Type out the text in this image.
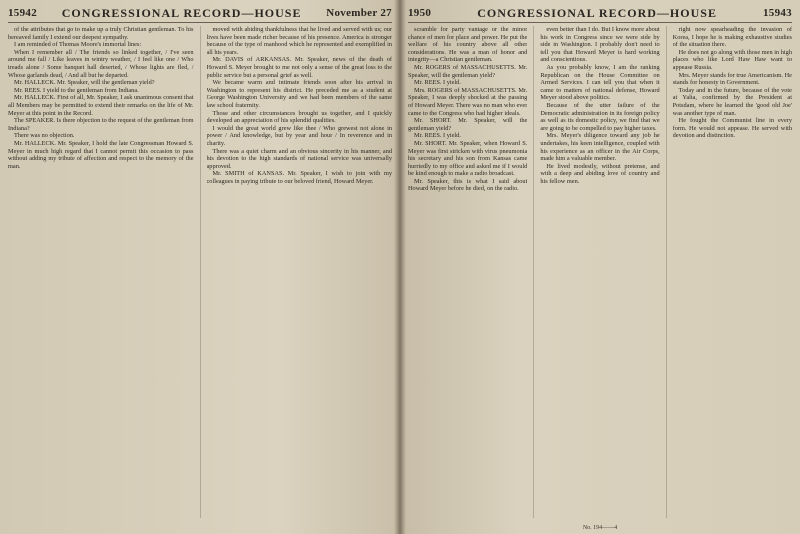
15942 CONGRESSIONAL RECORD—HOUSE November 27

of the attributes that go to make up a truly Christian gentleman. To his bereaved family I extend our deepest sympathy.

I am reminded of Thomas Moore's immortal lines:

When I remember all / The friends so linked together, / I've seen around me fall / Like leaves in wintry weather, / I feel like one / Who treads alone / Some banquet hall deserted, / Whose lights are fled, / Whose garlands dead, / And all but he departed.

Mr. HALLECK. Mr. Speaker, will the gentleman yield?

Mr. REES. I yield to the gentleman from Indiana.

Mr. HALLECK. First of all, Mr. Speaker, I ask unanimous consent that all Members may be permitted to extend their remarks on the life of Mr. Meyer at this point in the Record.

The SPEAKER. Is there objection to the request of the gentleman from Indiana?

There was no objection.

Mr. HALLECK. Mr. Speaker, I hold the late Congressman Howard S. Meyer in much high regard that I cannot permit this occasion to pass without adding my tribute of affection and respect to the memory of the man.

moved with abiding thankfulness that he lived and served with us; our lives have been made richer because of his presence. America is stronger because of the type of manhood which he represented and exemplified in all his years.

Mr. DAVIS of ARKANSAS. Mr. Speaker, news of the death of Howard S. Meyer brought to me not only a sense of the great loss to the public service but a personal grief as well.

We became warm and intimate friends soon after his arrival in Washington to represent his district. He preceded me as a student at George Washington University and we had been members of the same law school fraternity.

Those and other circumstances brought us together, and I quickly developed an appreciation of his splendid qualities.

I would the great world grew like thee / Who grewest not alone in power / And knowledge, but by year and hour / In reverence and in charity.

There was a quiet charm and an obvious sincerity in his manner, and his devotion to the high standards of national service was universally approved.

Mr. SMITH of KANSAS. Mr. Speaker, I wish to join with my colleagues in paying tribute to our beloved friend, Howard Meyer.

1950	CONGRESSIONAL RECORD—HOUSE	15943

scramble for party vantage or the minor chance of men for place and power. He put the welfare of his country above all other considerations. He was a man of honor and integrity—a Christian gentleman.

Mr. ROGERS of MASSACHUSETTS. Mr. Speaker, will the gentleman yield?

Mr. REES. I yield.

Mrs. ROGERS of MASSACHUSETTS. Mr. Speaker, I was deeply shocked at the passing of Howard Meyer. There was no man who ever came to the Congress who had higher ideals.

Mr. SHORT. Mr. Speaker, will the gentleman yield?

Mr. REES. I yield.

Mr. SHORT. Mr. Speaker, when Howard S. Meyer was first stricken with virus pneumonia his secretary and his son from Kansas came hurriedly to my office and asked me if I would be kind enough to make a radio broadcast.

Mr. Speaker, this is what I said about Howard Meyer before he died, on the radio.

even better than I do. But I know more about his work in Congress since we were side by side in Washington. I probably don't need to tell you that Howard Meyer is hard working and conscientious.

As you probably know, I am the ranking Republican on the House Committee on Armed Services. I can tell you that when it came to matters of national defense, Howard Meyer stood above politics.

Because of the utter failure of the Democratic administration in its foreign policy as well as its domestic policy, we find that we are going to be compelled to pay higher taxes.

Mrs. Meyer's diligence toward any job he undertakes, his keen intelligence, coupled with his experience as an officer in the Air Corps, made him a valuable member.

He lived modestly, without pretense, and with a deep and abiding love of country and his fellow men.

right now spearheading the invasion of Korea, I hope he is making exhaustive studies of the situation there.

He does not go along with those men in high places who like Lord Haw Haw want to appease Russia.

Mrs. Meyer stands for true Americanism. He stands for honesty in Government.

Today and in the future, because of the vote at Yalta, confirmed by the President at Potsdam, where he learned the 'good old Joe' was another type of man.

He fought the Communist line in every form. He would not appease. He served with devotion and distinction.

No. 194——4
